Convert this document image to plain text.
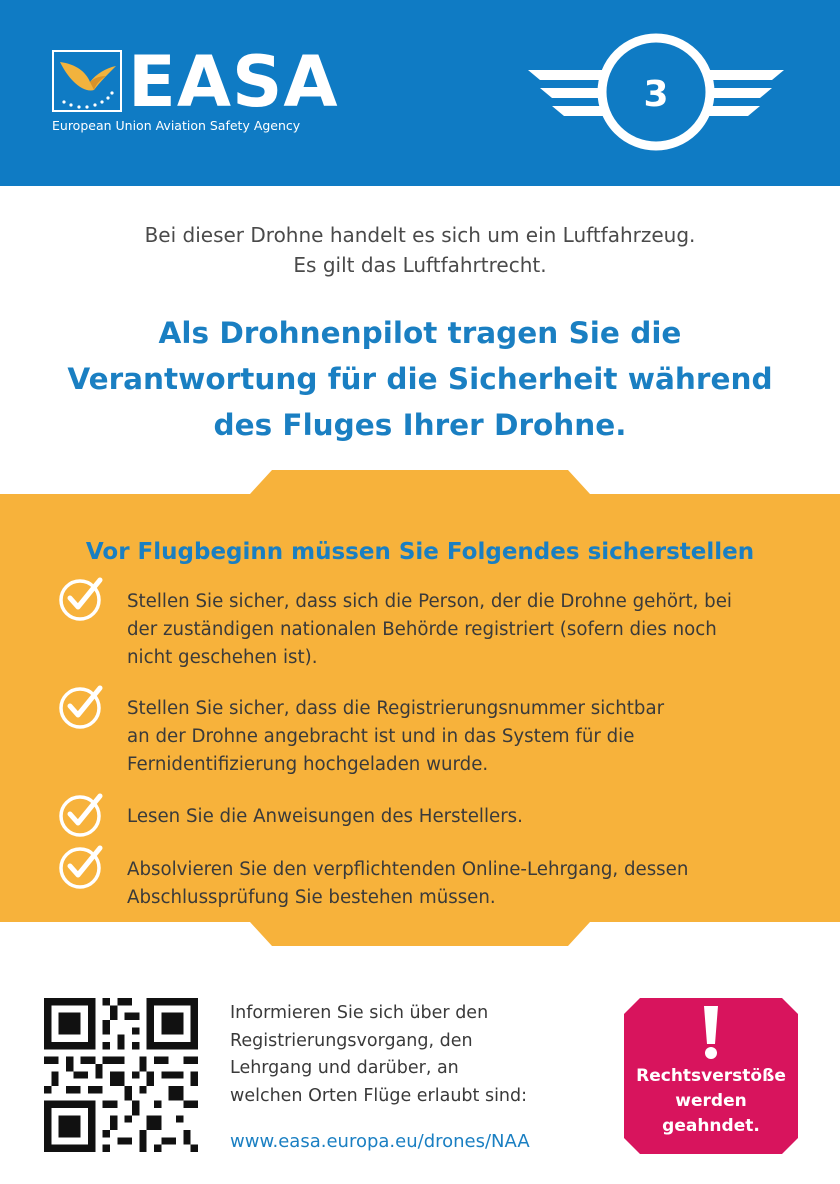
EASA
European Union Aviation Safety Agency
3
Bei dieser Drohne handelt es sich um ein Luftfahrzeug.
Es gilt das Luftfahrtrecht.
Als Drohnenpilot tragen Sie die
Verantwortung für die Sicherheit während
des Fluges Ihrer Drohne.
Vor Flugbeginn müssen Sie Folgendes sicherstellen
Stellen Sie sicher, dass sich die Person, der die Drohne gehört, bei
der zuständigen nationalen Behörde registriert (sofern dies noch
nicht geschehen ist).
Stellen Sie sicher, dass die Registrierungsnummer sichtbar
an der Drohne angebracht ist und in das System für die
Fernidentifizierung hochgeladen wurde.
Lesen Sie die Anweisungen des Herstellers.
Absolvieren Sie den verpflichtenden Online-Lehrgang, dessen
Abschlussprüfung Sie bestehen müssen.
Informieren Sie sich über den
Registrierungsvorgang, den
Lehrgang und darüber, an
welchen Orten Flüge erlaubt sind:
www.easa.europa.eu/drones/NAA
Rechtsverstöße
werden
geahndet.
